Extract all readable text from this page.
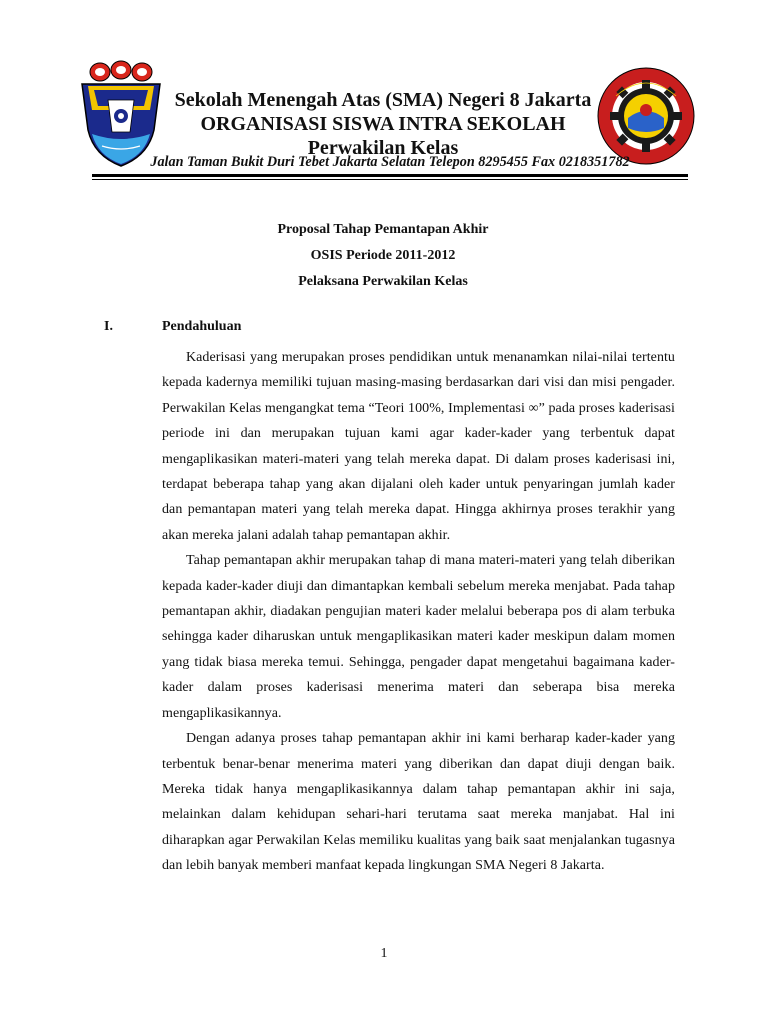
Sekolah Menengah Atas (SMA) Negeri 8 Jakarta

ORGANISASI SISWA INTRA SEKOLAH

Perwakilan Kelas

Jalan Taman Bukit Duri Tebet Jakarta Selatan Telepon 8295455 Fax 0218351782

Proposal Tahap Pemantapan Akhir

OSIS Periode 2011-2012

Pelaksana Perwakilan Kelas

I.	Pendahuluan

Kaderisasi yang merupakan proses pendidikan untuk menanamkan nilai-nilai tertentu kepada kadernya memiliki tujuan masing-masing berdasarkan dari visi dan misi pengader. Perwakilan Kelas mengangkat tema “Teori 100%, Implementasi ∞” pada proses kaderisasi periode ini dan merupakan tujuan kami agar kader-kader yang terbentuk dapat mengaplikasikan materi-materi yang telah mereka dapat. Di dalam proses kaderisasi ini, terdapat beberapa tahap yang akan dijalani oleh kader untuk penyaringan jumlah kader dan pemantapan materi yang telah mereka dapat. Hingga akhirnya proses terakhir yang akan mereka jalani adalah tahap pemantapan akhir.

Tahap pemantapan akhir merupakan tahap di mana materi-materi yang telah diberikan kepada kader-kader diuji dan dimantapkan kembali sebelum mereka menjabat. Pada tahap pemantapan akhir, diadakan pengujian materi kader melalui beberapa pos di alam terbuka sehingga kader diharuskan untuk mengaplikasikan materi kader meskipun dalam momen yang tidak biasa mereka temui. Sehingga, pengader dapat mengetahui bagaimana kader-kader dalam proses kaderisasi menerima materi dan seberapa bisa mereka mengaplikasikannya.

Dengan adanya proses tahap pemantapan akhir ini kami berharap kader-kader yang terbentuk benar-benar menerima materi yang diberikan dan dapat diuji dengan baik. Mereka tidak hanya mengaplikasikannya dalam tahap pemantapan akhir ini saja, melainkan dalam kehidupan sehari-hari terutama saat mereka manjabat. Hal ini diharapkan agar Perwakilan Kelas memiliku kualitas yang baik saat menjalankan tugasnya dan lebih banyak memberi manfaat kepada lingkungan SMA Negeri 8 Jakarta.

1
